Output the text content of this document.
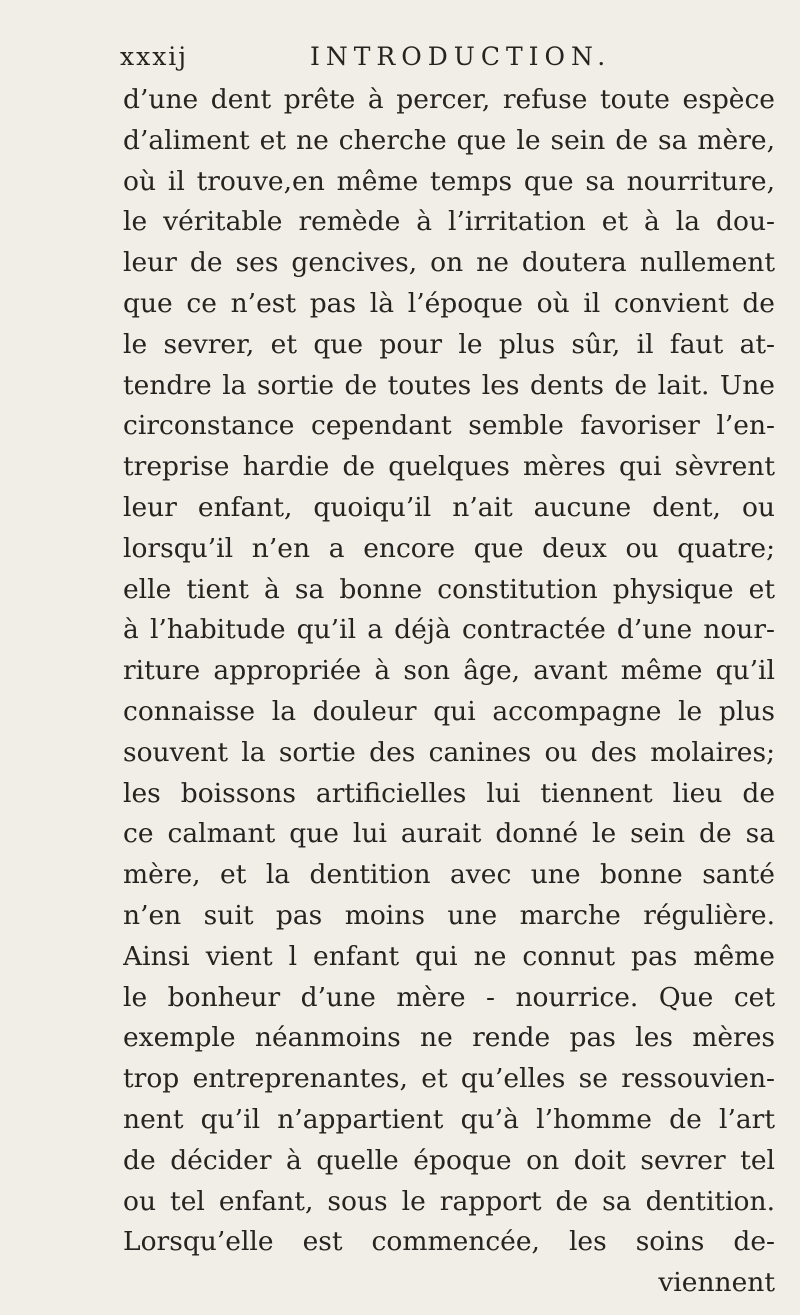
xxxij	INTRODUCTION.
d’une dent prête à percer, refuse toute espèce
d’aliment et ne cherche que le sein de sa mère,
où il trouve,en même temps que sa nourriture,
le véritable remède à l’irritation et à la dou-
leur de ses gencives, on ne doutera nullement
que ce n’est pas là l’époque où il convient de
le sevrer, et que pour le plus sûr, il faut at-
tendre la sortie de toutes les dents de lait. Une
circonstance cependant semble favoriser l’en-
treprise hardie de quelques mères qui sèvrent
leur enfant, quoiqu’il n’ait aucune dent, ou
lorsqu’il n’en a encore que deux ou quatre;
elle tient à sa bonne constitution physique et
à l’habitude qu’il a déjà contractée d’une nour-
riture appropriée à son âge, avant même qu’il
connaisse la douleur qui accompagne le plus
souvent la sortie des canines ou des molaires;
les boissons artificielles lui tiennent lieu de
ce calmant que lui aurait donné le sein de sa
mère, et la dentition avec une bonne santé
n’en suit pas moins une marche régulière.
Ainsi vient l enfant qui ne connut pas même
le bonheur d’une mère - nourrice. Que cet
exemple néanmoins ne rende pas les mères
trop entreprenantes, et qu’elles se ressouvien-
nent qu’il n’appartient qu’à l’homme de l’art
de décider à quelle époque on doit sevrer tel
ou tel enfant, sous le rapport de sa dentition.
Lorsqu’elle est commencée, les soins de-
viennent
